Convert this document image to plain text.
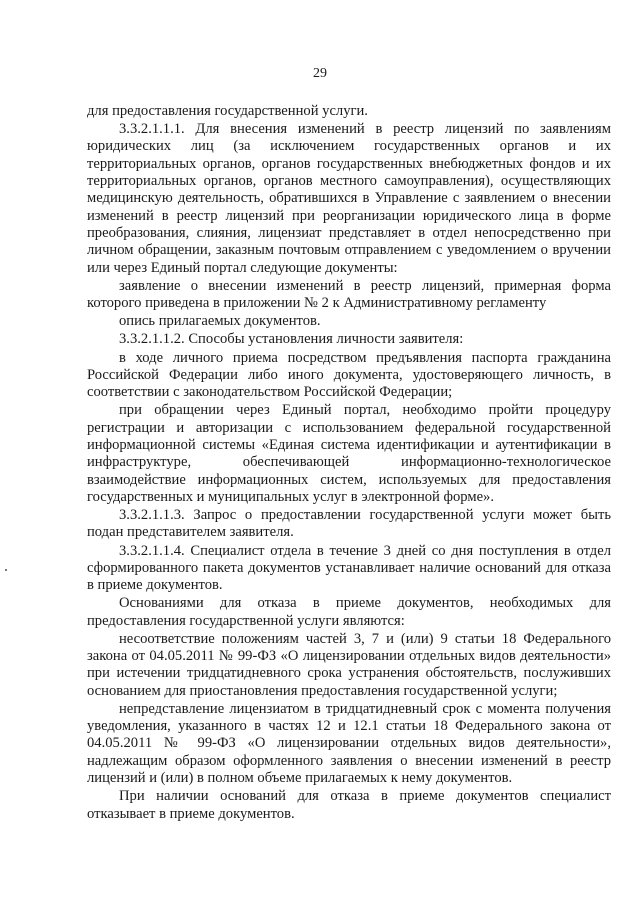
29

для предоставления государственной услуги.

3.3.2.1.1.1. Для внесения изменений в реестр лицензий по заявлениям юридических лиц (за исключением государственных органов и их территориальных органов, органов государственных внебюджетных фондов и их территориальных органов, органов местного самоуправления), осуществляющих медицинскую деятельность, обратившихся в Управление с заявлением о внесении изменений в реестр лицензий при реорганизации юридического лица в форме преобразования, слияния, лицензиат представляет в отдел непосредственно при личном обращении, заказным почтовым отправлением с уведомлением о вручении или через Единый портал следующие документы:

заявление о внесении изменений в реестр лицензий, примерная форма которого приведена в приложении № 2 к Административному регламенту

опись прилагаемых документов.

3.3.2.1.1.2. Способы установления личности заявителя:

в ходе личного приема посредством предъявления паспорта гражданина Российской Федерации либо иного документа, удостоверяющего личность, в соответствии с законодательством Российской Федерации;

при обращении через Единый портал, необходимо пройти процедуру регистрации и авторизации с использованием федеральной государственной информационной системы «Единая система идентификации и аутентификации в инфраструктуре, обеспечивающей информационно-технологическое взаимодействие информационных систем, используемых для предоставления государственных и муниципальных услуг в электронной форме».

3.3.2.1.1.3. Запрос о предоставлении государственной услуги может быть подан представителем заявителя.

3.3.2.1.1.4. Специалист отдела в течение 3 дней со дня поступления в отдел сформированного пакета документов устанавливает наличие оснований для отказа в приеме документов.

Основаниями для отказа в приеме документов, необходимых для предоставления государственной услуги являются:

несоответствие положениям частей 3, 7 и (или) 9 статьи 18 Федерального закона от 04.05.2011 № 99-ФЗ «О лицензировании отдельных видов деятельности» при истечении тридцатидневного срока устранения обстоятельств, послуживших основанием для приостановления предоставления государственной услуги;

непредставление лицензиатом в тридцатидневный срок с момента получения уведомления, указанного в частях 12 и 12.1 статьи 18 Федерального закона от 04.05.2011 № 99-ФЗ «О лицензировании отдельных видов деятельности», надлежащим образом оформленного заявления о внесении изменений в реестр лицензий и (или) в полном объеме прилагаемых к нему документов.

При наличии оснований для отказа в приеме документов специалист отказывает в приеме документов.
